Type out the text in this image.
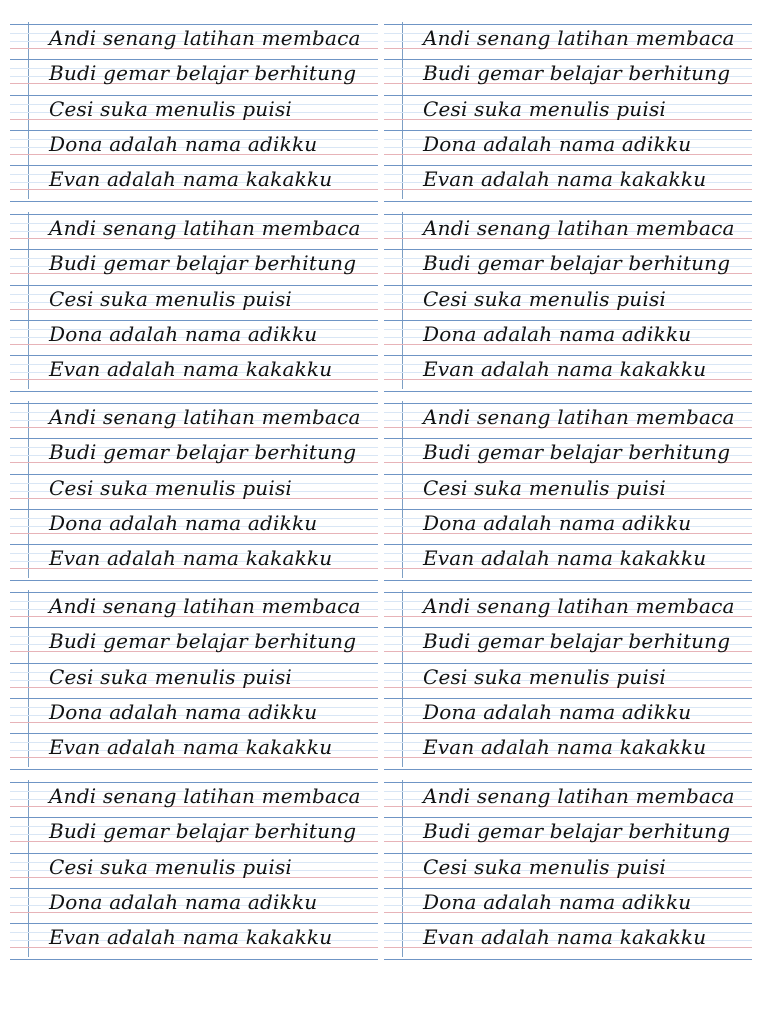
Andi senang latihan membaca
Budi gemar belajar berhitung
Cesi suka menulis puisi
Dona adalah nama adikku
Evan adalah nama kakakku
Andi senang latihan membaca
Budi gemar belajar berhitung
Cesi suka menulis puisi
Dona adalah nama adikku
Evan adalah nama kakakku
Andi senang latihan membaca
Budi gemar belajar berhitung
Cesi suka menulis puisi
Dona adalah nama adikku
Evan adalah nama kakakku
Andi senang latihan membaca
Budi gemar belajar berhitung
Cesi suka menulis puisi
Dona adalah nama adikku
Evan adalah nama kakakku
Andi senang latihan membaca
Budi gemar belajar berhitung
Cesi suka menulis puisi
Dona adalah nama adikku
Evan adalah nama kakakku
Andi senang latihan membaca
Budi gemar belajar berhitung
Cesi suka menulis puisi
Dona adalah nama adikku
Evan adalah nama kakakku
Andi senang latihan membaca
Budi gemar belajar berhitung
Cesi suka menulis puisi
Dona adalah nama adikku
Evan adalah nama kakakku
Andi senang latihan membaca
Budi gemar belajar berhitung
Cesi suka menulis puisi
Dona adalah nama adikku
Evan adalah nama kakakku
Andi senang latihan membaca
Budi gemar belajar berhitung
Cesi suka menulis puisi
Dona adalah nama adikku
Evan adalah nama kakakku
Andi senang latihan membaca
Budi gemar belajar berhitung
Cesi suka menulis puisi
Dona adalah nama adikku
Evan adalah nama kakakku
